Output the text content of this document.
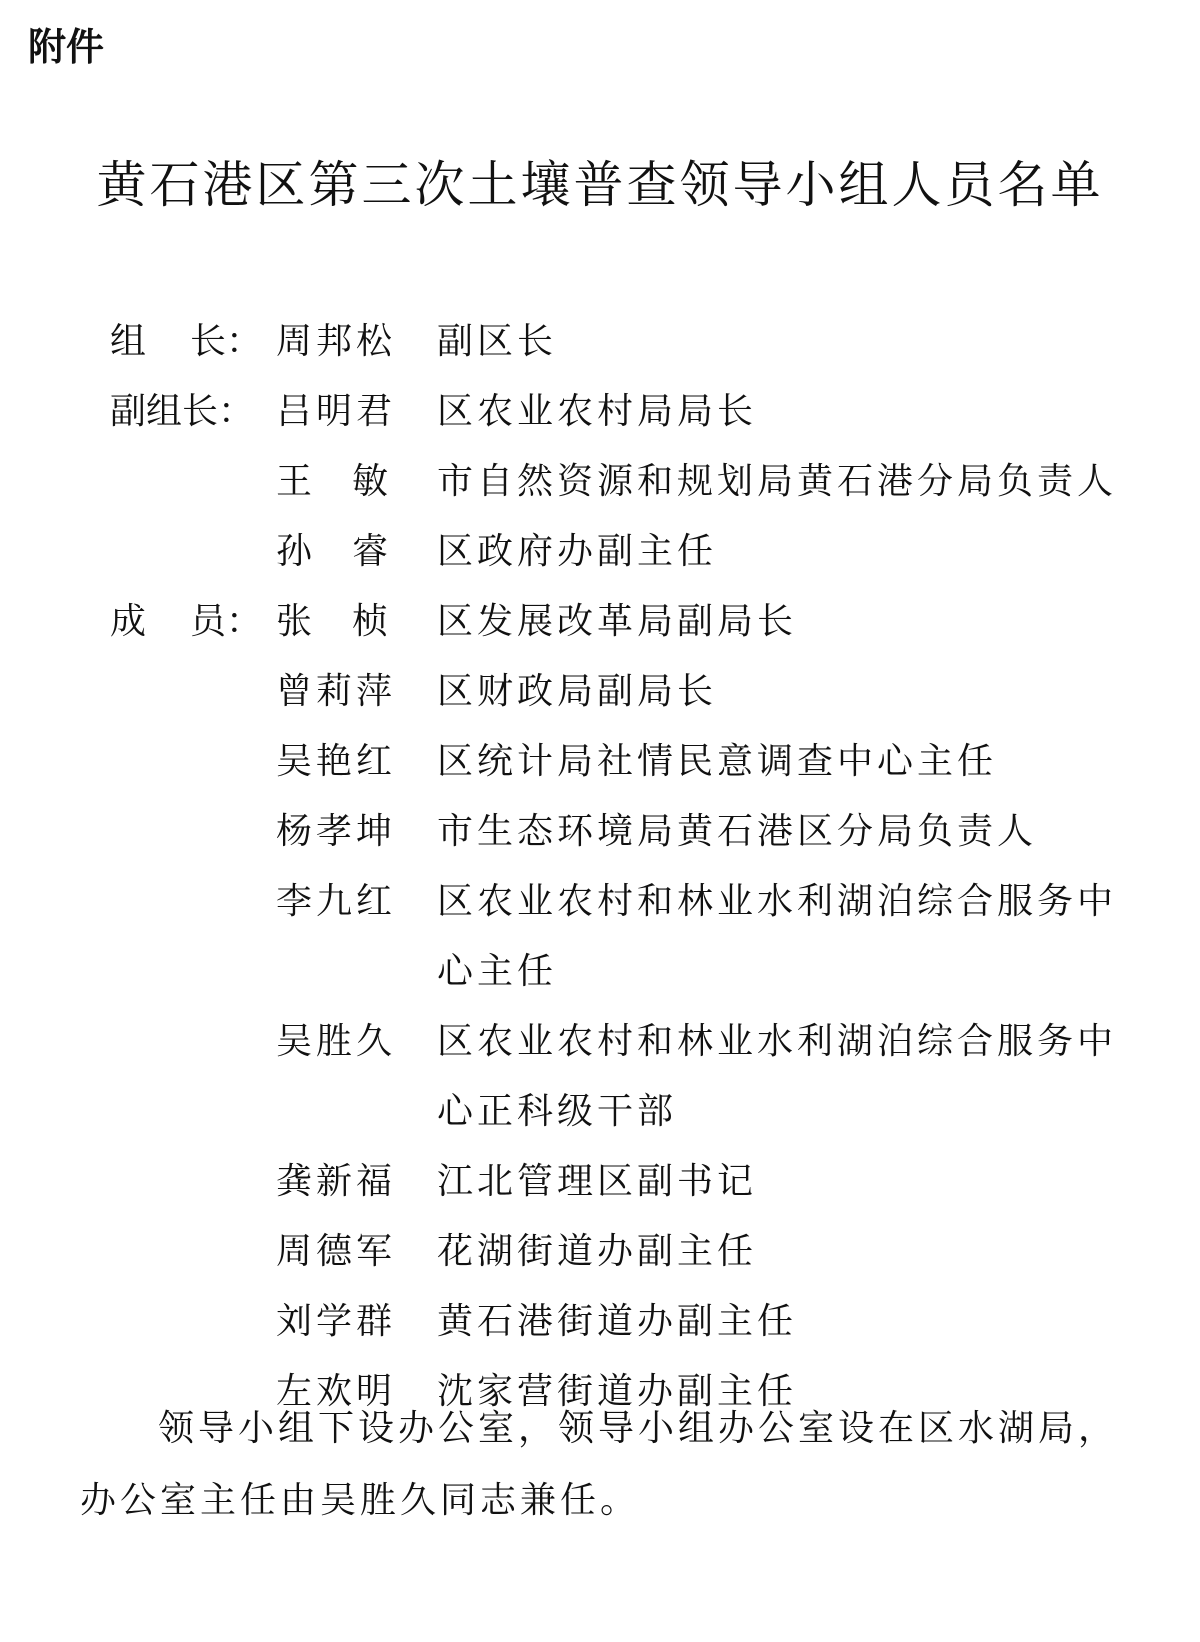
附件
黄石港区第三次土壤普查领导小组人员名单
组 长： 周邦松 副区长
副组长： 吕明君 区农业农村局局长
王 敏 市自然资源和规划局黄石港分局负责人
孙 睿 区政府办副主任
成 员： 张 桢 区发展改革局副局长
曾莉萍 区财政局副局长
吴艳红 区统计局社情民意调查中心主任
杨孝坤 市生态环境局黄石港区分局负责人
李九红 区农业农村和林业水利湖泊综合服务中心主任
吴胜久 区农业农村和林业水利湖泊综合服务中心正科级干部
龚新福 江北管理区副书记
周德军 花湖街道办副主任
刘学群 黄石港街道办副主任
左欢明 沈家营街道办副主任
领导小组下设办公室，领导小组办公室设在区水湖局，办公室主任由吴胜久同志兼任。
